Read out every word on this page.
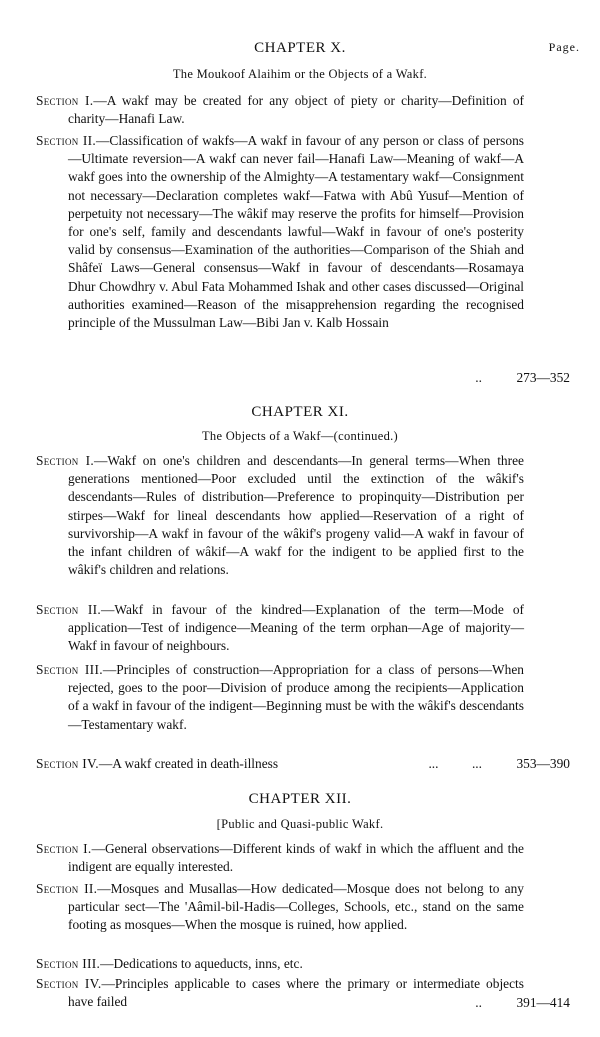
Page.
CHAPTER X.
The Moukoof Alaihim or the Objects of a Wakf.
Section I.—A wakf may be created for any object of piety or charity—Definition of charity—Hanafi Law.
Section II.—Classification of wakfs—A wakf in favour of any person or class of persons—Ultimate reversion—A wakf can never fail—Hanafi Law—Meaning of wakf—A wakf goes into the ownership of the Almighty—A testamentary wakf—Consignment not necessary—Declaration completes wakf—Fatwa with Abû Yusuf—Mention of perpetuity not necessary—The wâkif may reserve the profits for himself—Provision for one's self, family and descendants lawful—Wakf in favour of one's posterity valid by consensus—Examination of the authorities—Comparison of the Shiah and Shâfeï Laws—General consensus—Wakf in favour of descendants—Rosamaya Dhur Chowdhry v. Abul Fata Mohammed Ishak and other cases discussed—Original authorities examined—Reason of the misapprehension regarding the recognised principle of the Mussulman Law—Bibi Jan v. Kalb Hossain
..	273—352
CHAPTER XI.
The Objects of a Wakf—(continued.)
Section I.—Wakf on one's children and descendants—In general terms—When three generations mentioned—Poor excluded until the extinction of the wâkif's descendants—Rules of distribution—Preference to propinquity—Distribution per stirpes—Wakf for lineal descendants how applied—Reservation of a right of survivorship—A wakf in favour of the wâkif's progeny valid—A wakf in favour of the infant children of wâkif—A wakf for the indigent to be applied first to the wâkif's children and relations.
Section II.—Wakf in favour of the kindred—Explanation of the term—Mode of application—Test of indigence—Meaning of the term orphan—Age of majority—Wakf in favour of neighbours.
Section III.—Principles of construction—Appropriation for a class of persons—When rejected, goes to the poor—Division of produce among the recipients—Application of a wakf in favour of the indigent—Beginning must be with the wâkif's descendants—Testamentary wakf.
Section IV.—A wakf created in death-illness	...          ...	353—390
CHAPTER XII.
[Public and Quasi-public Wakf.
Section I.—General observations—Different kinds of wakf in which the affluent and the indigent are equally interested.
Section II.—Mosques and Musallas—How dedicated—Mosque does not belong to any particular sect—The 'Aâmil-bil-Hadis—Colleges, Schools, etc., stand on the same footing as mosques—When the mosque is ruined, how applied.
Section III.—Dedications to aqueducts, inns, etc.
Section IV.—Principles applicable to cases where the primary or intermediate objects have failed	..	391—414
